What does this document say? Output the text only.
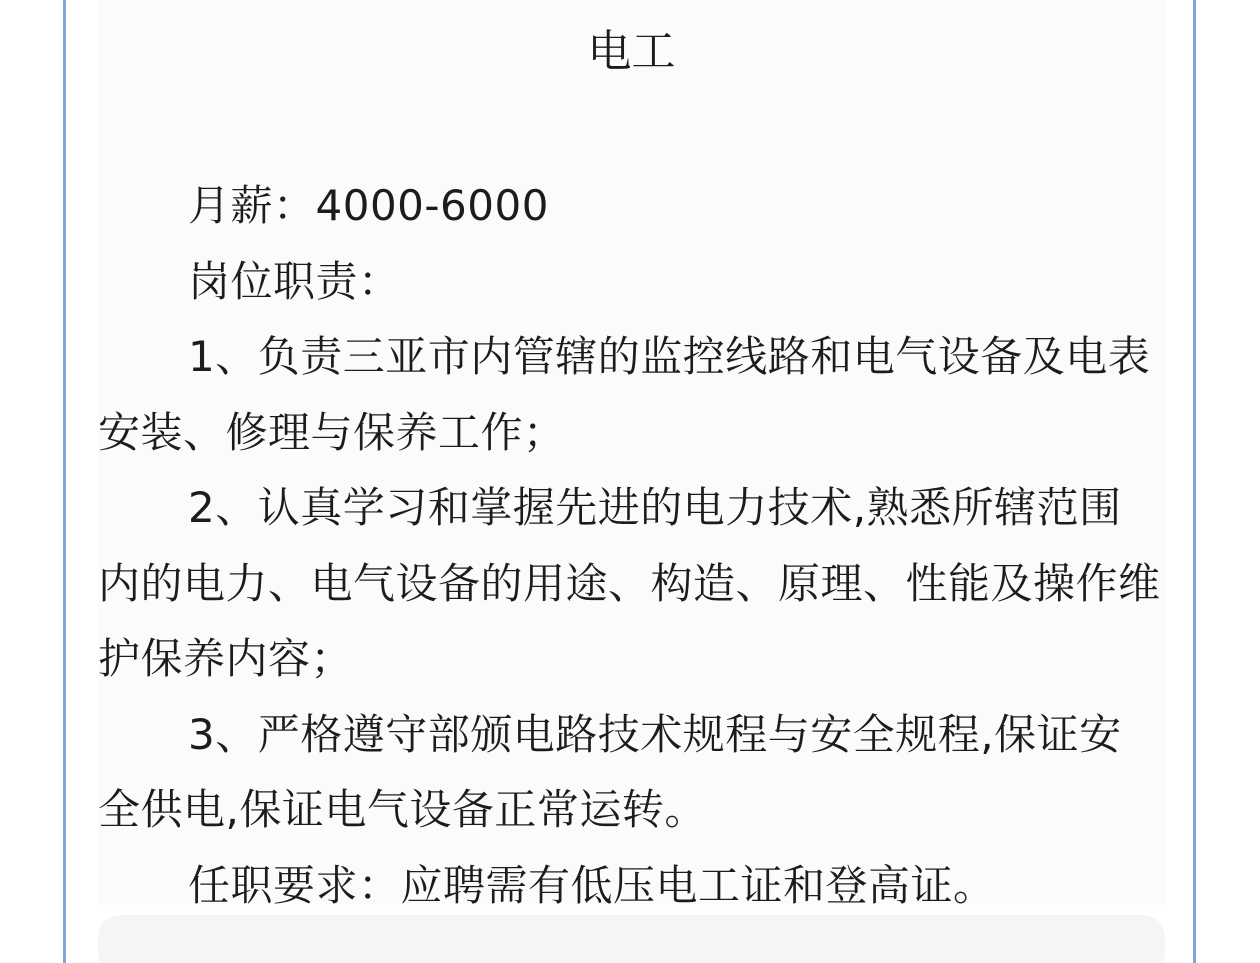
电工

月薪：4000-6000

岗位职责：

1、负责三亚市内管辖的监控线路和电气设备及电表安装、修理与保养工作；

2、认真学习和掌握先进的电力技术,熟悉所辖范围内的电力、电气设备的用途、构造、原理、性能及操作维护保养内容；

3、严格遵守部颁电路技术规程与安全规程,保证安全供电,保证电气设备正常运转。

任职要求：应聘需有低压电工证和登高证。
